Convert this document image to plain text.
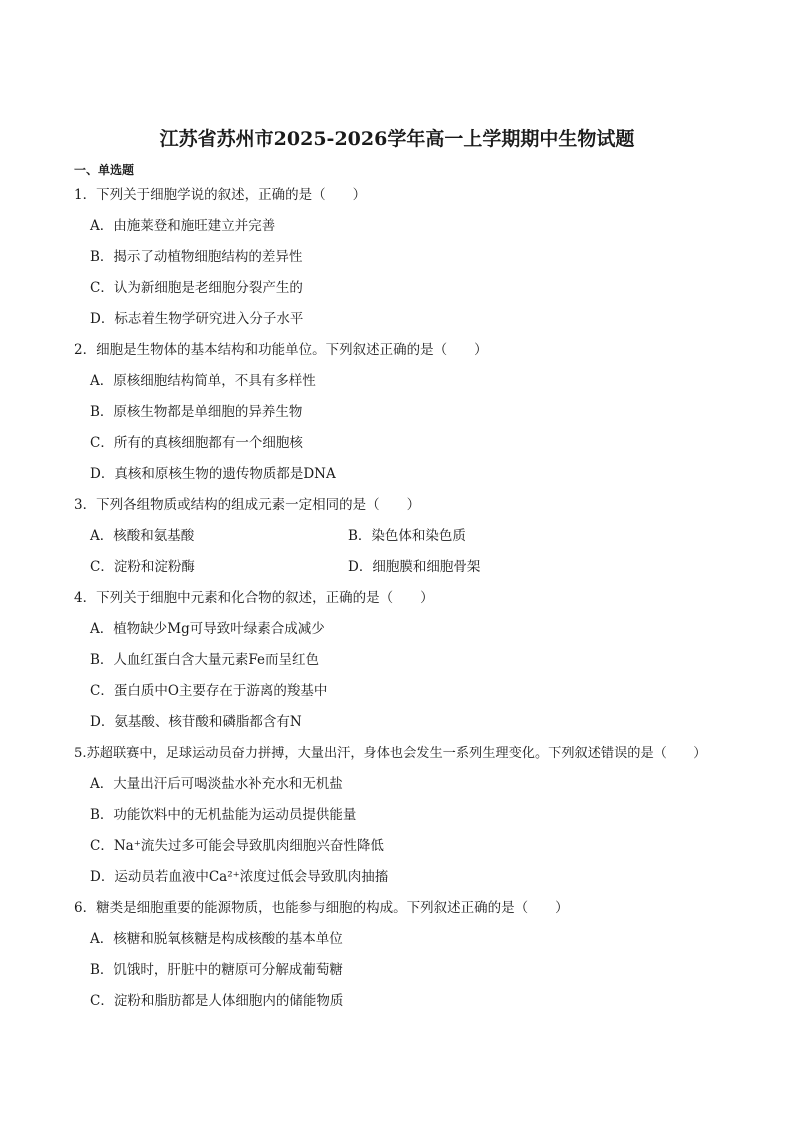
江苏省苏州市2025-2026学年高一上学期期中生物试题
一、单选题
1．下列关于细胞学说的叙述，正确的是（　　）
A．由施莱登和施旺建立并完善
B．揭示了动植物细胞结构的差异性
C．认为新细胞是老细胞分裂产生的
D．标志着生物学研究进入分子水平
2．细胞是生物体的基本结构和功能单位。下列叙述正确的是（　　）
A．原核细胞结构简单，不具有多样性
B．原核生物都是单细胞的异养生物
C．所有的真核细胞都有一个细胞核
D．真核和原核生物的遗传物质都是DNA
3．下列各组物质或结构的组成元素一定相同的是（　　）
A．核酸和氨基酸	B．染色体和染色质
C．淀粉和淀粉酶	D．细胞膜和细胞骨架
4．下列关于细胞中元素和化合物的叙述，正确的是（　　）
A．植物缺少Mg可导致叶绿素合成减少
B．人血红蛋白含大量元素Fe而呈红色
C．蛋白质中O主要存在于游离的羧基中
D．氨基酸、核苷酸和磷脂都含有N
5.苏超联赛中，足球运动员奋力拼搏，大量出汗，身体也会发生一系列生理变化。下列叙述错误的是（　　）
A．大量出汗后可喝淡盐水补充水和无机盐
B．功能饮料中的无机盐能为运动员提供能量
C．Na⁺流失过多可能会导致肌肉细胞兴奋性降低
D．运动员若血液中Ca²⁺浓度过低会导致肌肉抽搐
6．糖类是细胞重要的能源物质，也能参与细胞的构成。下列叙述正确的是（　　）
A．核糖和脱氧核糖是构成核酸的基本单位
B．饥饿时，肝脏中的糖原可分解成葡萄糖
C．淀粉和脂肪都是人体细胞内的储能物质
